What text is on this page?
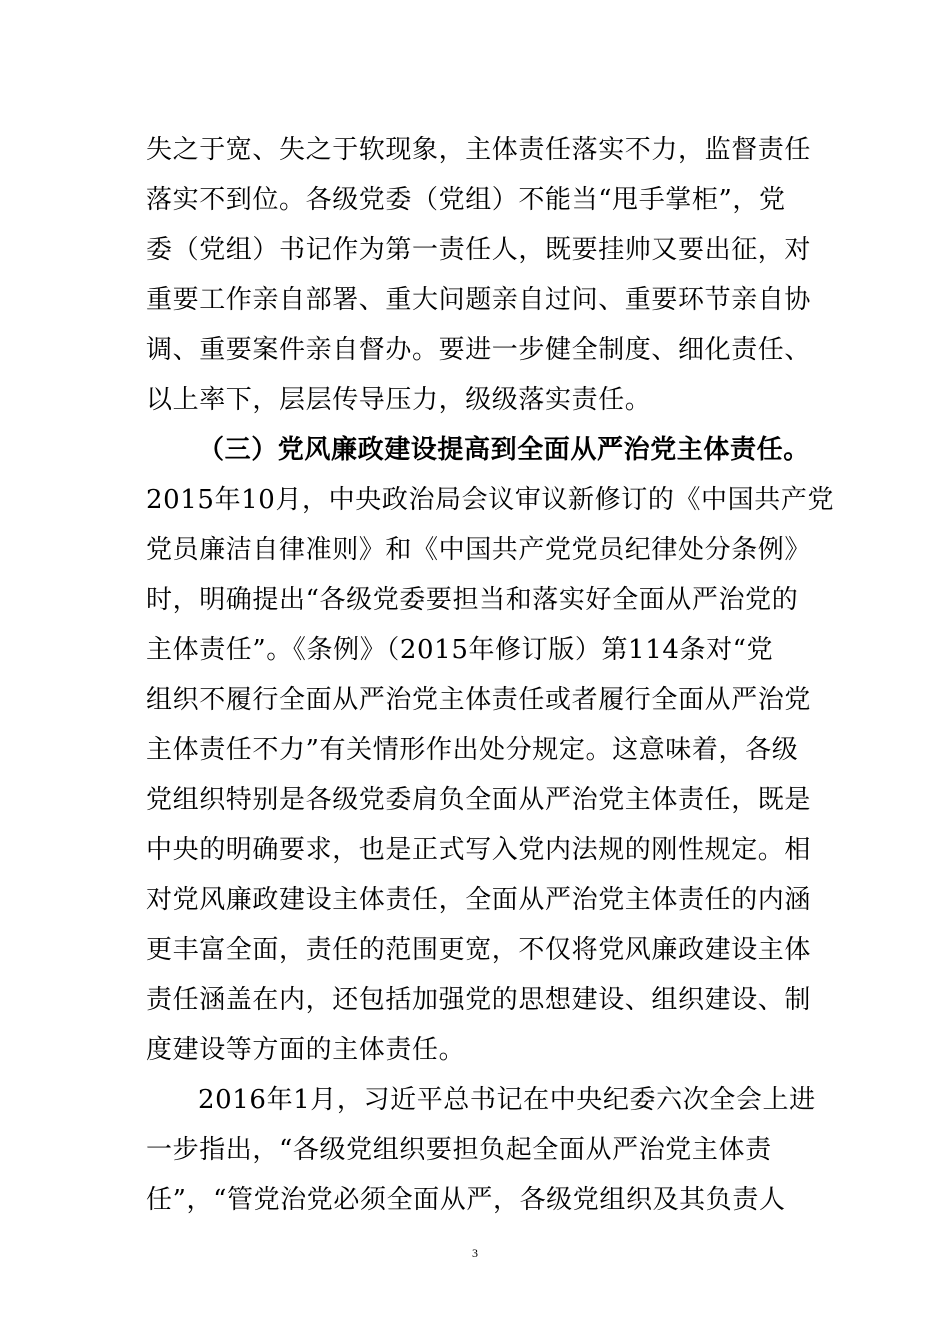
失之于宽、失之于软现象，主体责任落实不力，监督责任
落实不到位。各级党委（党组）不能当“甩手掌柜”，党
委（党组）书记作为第一责任人，既要挂帅又要出征，对
重要工作亲自部署、重大问题亲自过问、重要环节亲自协
调、重要案件亲自督办。要进一步健全制度、细化责任、
以上率下，层层传导压力，级级落实责任。
（三）党风廉政建设提高到全面从严治党主体责任。
2015年10月，中央政治局会议审议新修订的《中国共产党
党员廉洁自律准则》和《中国共产党党员纪律处分条例》
时，明确提出“各级党委要担当和落实好全面从严治党的
主体责任”。《条例》（2015年修订版）第114条对“党
组织不履行全面从严治党主体责任或者履行全面从严治党
主体责任不力”有关情形作出处分规定。这意味着，各级
党组织特别是各级党委肩负全面从严治党主体责任，既是
中央的明确要求，也是正式写入党内法规的刚性规定。相
对党风廉政建设主体责任，全面从严治党主体责任的内涵
更丰富全面，责任的范围更宽，不仅将党风廉政建设主体
责任涵盖在内，还包括加强党的思想建设、组织建设、制
度建设等方面的主体责任。
2016年1月，习近平总书记在中央纪委六次全会上进
一步指出，“各级党组织要担负起全面从严治党主体责
任”，“管党治党必须全面从严，各级党组织及其负责人
3
